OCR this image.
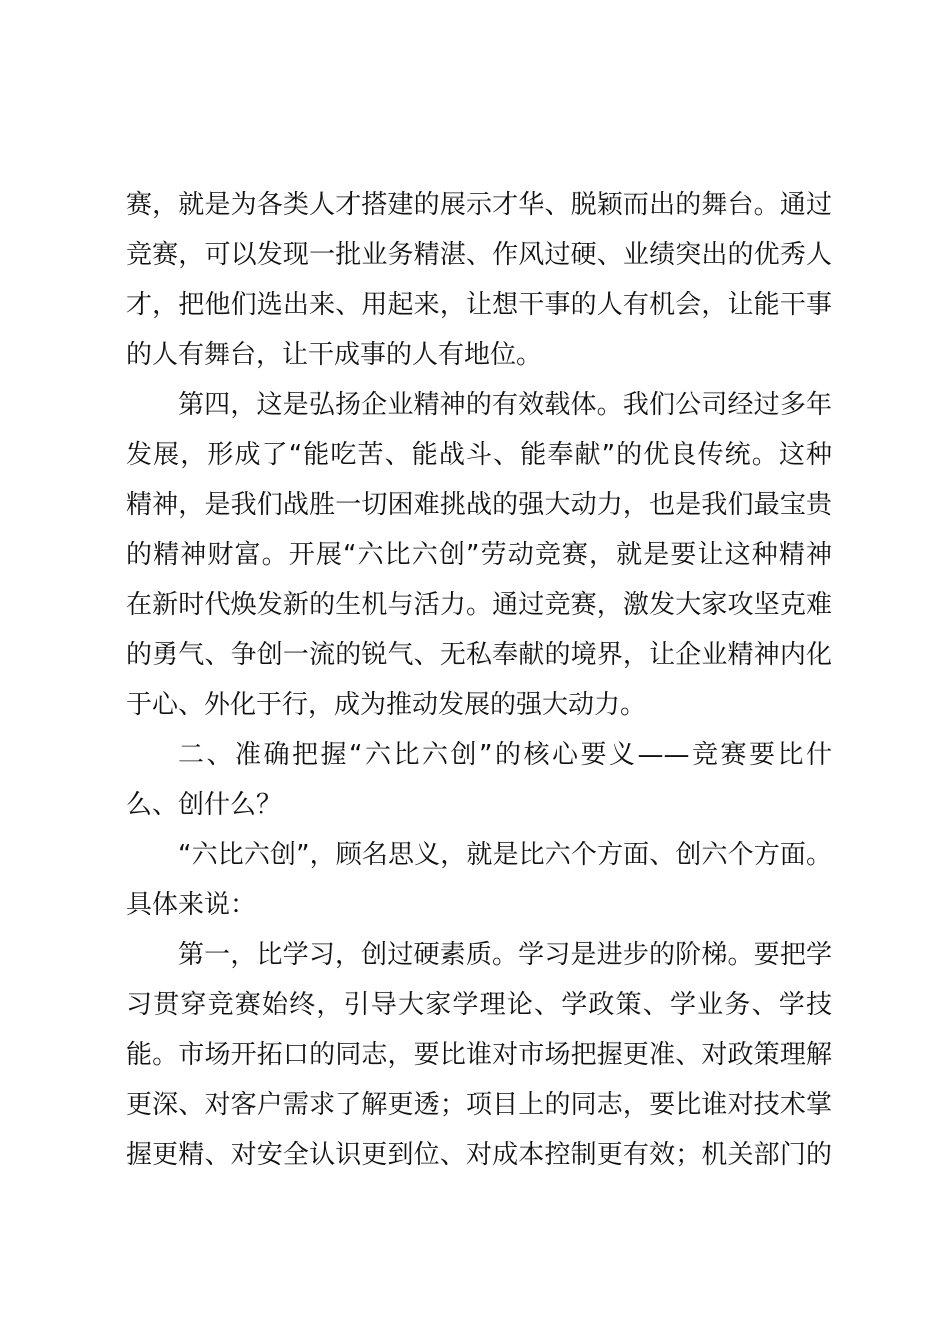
赛，就是为各类人才搭建的展示才华、脱颖而出的舞台。通过
竞赛，可以发现一批业务精湛、作风过硬、业绩突出的优秀人
才，把他们选出来、用起来，让想干事的人有机会，让能干事
的人有舞台，让干成事的人有地位。
第四，这是弘扬企业精神的有效载体。我们公司经过多年
发展，形成了“能吃苦、能战斗、能奉献”的优良传统。这种
精神，是我们战胜一切困难挑战的强大动力，也是我们最宝贵
的精神财富。开展“六比六创”劳动竞赛，就是要让这种精神
在新时代焕发新的生机与活力。通过竞赛，激发大家攻坚克难
的勇气、争创一流的锐气、无私奉献的境界，让企业精神内化
于心、外化于行，成为推动发展的强大动力。
二、准确把握“六比六创”的核心要义——竞赛要比什
么、创什么？
“六比六创”，顾名思义，就是比六个方面、创六个方面。
具体来说：
第一，比学习，创过硬素质。学习是进步的阶梯。要把学
习贯穿竞赛始终，引导大家学理论、学政策、学业务、学技
能。市场开拓口的同志，要比谁对市场把握更准、对政策理解
更深、对客户需求了解更透；项目上的同志，要比谁对技术掌
握更精、对安全认识更到位、对成本控制更有效；机关部门的
